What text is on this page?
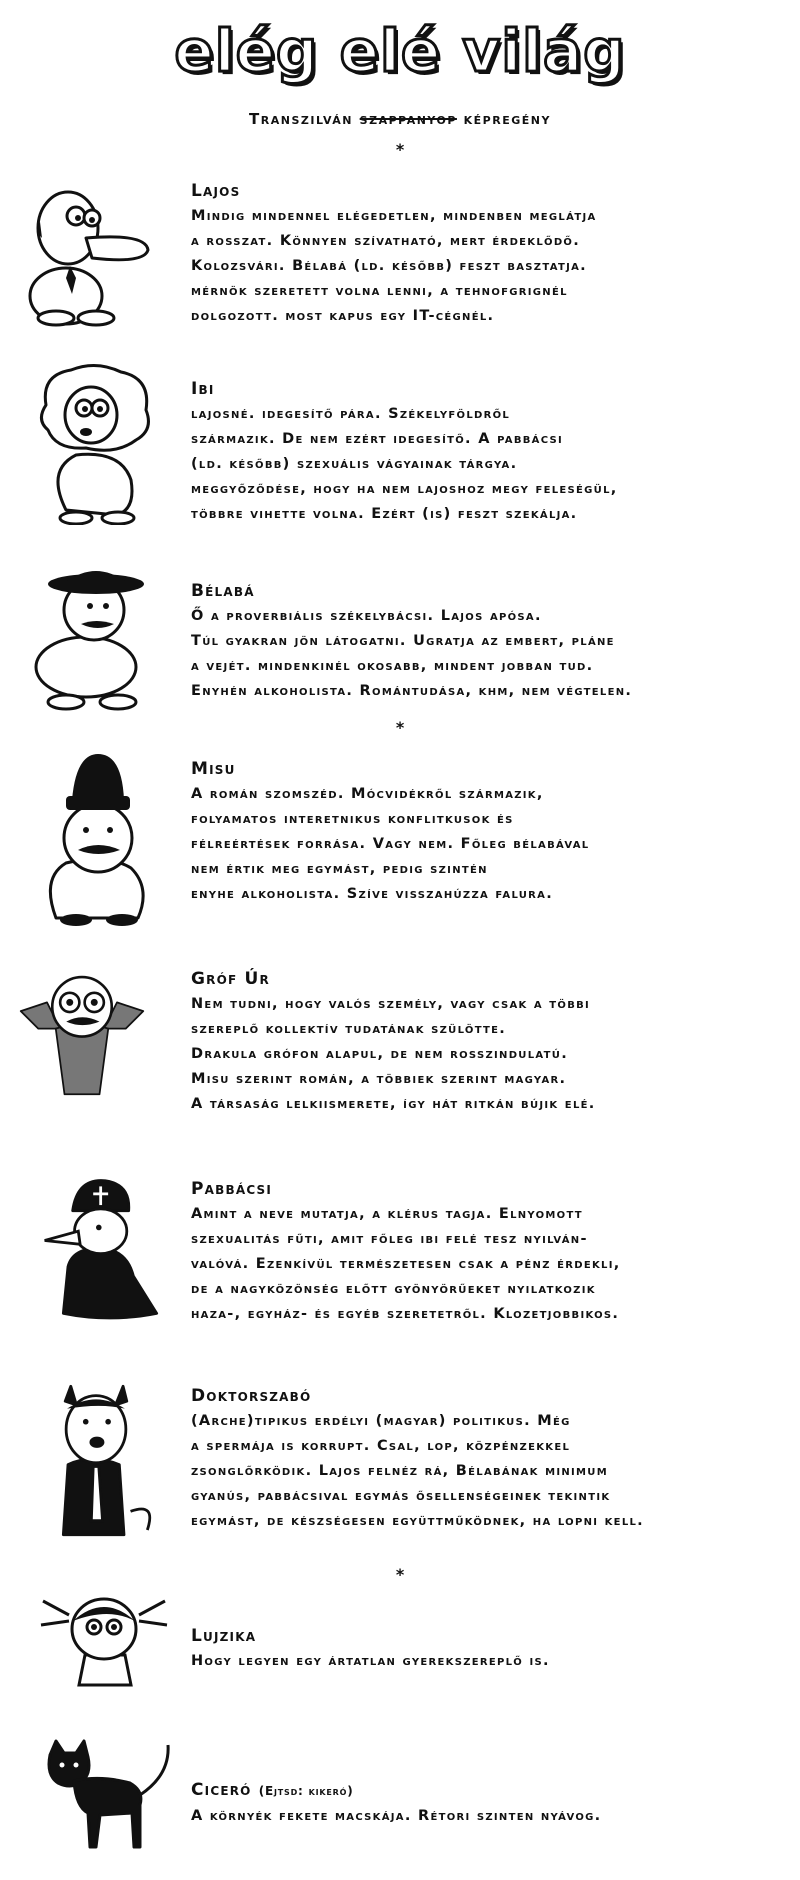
elég elé világ
Transzilván szappanyop képregény
*
Lajos
Mindig mindennel elégedetlen, mindenben meglátja
a rosszat. Könnyen szívatható, mert érdeklődő.
Kolozsvári. Bélabá (ld. később) feszt basztatja.
mérnök szeretett volna lenni, a tehnofgrignél
dolgozott. most kapus egy IT-cégnél.
Ibi
lajosné. idegesítő pára. Székelyföldről
származik. De nem ezért idegesítő. A pabbácsi
(ld. később) szexuális vágyainak tárgya.
meggyőződése, hogy ha nem lajoshoz megy feleségül,
többre vihette volna. Ezért (is) feszt szekálja.
Bélabá
Ő a proverbiális székelybácsi. Lajos apósa.
Túl gyakran jön látogatni. Ugratja az embert, pláne
a vejét. mindenkinél okosabb, mindent jobban tud.
Enyhén alkoholista. Romántudása, khm, nem végtelen.
*
Misu
A román szomszéd. Mócvidékről származik,
folyamatos interetnikus konflitkusok és
félreértések forrása. Vagy nem. Főleg bélabával
nem értik meg egymást, pedig szintén
enyhe alkoholista. Szíve visszahúzza falura.
Gróf Úr
Nem tudni, hogy valós személy, vagy csak a többi
szereplő kollektív tudatának szülötte.
Drakula grófon alapul, de nem rosszindulatú.
Misu szerint román, a többiek szerint magyar.
A társaság lelkiismerete, így hát ritkán bújik elé.
Pabbácsi
Amint a neve mutatja, a klérus tagja. Elnyomott
szexualitás fűti, amit főleg ibi felé tesz nyilván-
valóvá. Ezenkívül természetesen csak a pénz érdekli,
de a nagyközönség előtt gyönyörűeket nyilatkozik
haza-, egyház- és egyéb szeretetről. Klozetjobbikos.
Doktorszabó
(Arche)tipikus erdélyi (magyar) politikus. Még
a spermája is korrupt. Csal, lop, közpénzekkel
zsonglőrködik. Lajos felnéz rá, Bélabának minimum
gyanús, pabbácsival egymás ősellenségeinek tekintik
egymást, de készségesen együttműködnek, ha lopni kell.
*
Lujzika
Hogy legyen egy ártatlan gyerekszereplő is.
Ciceró (Ejtsd: kikeró)
A környék fekete macskája. Rétori szinten nyávog.
